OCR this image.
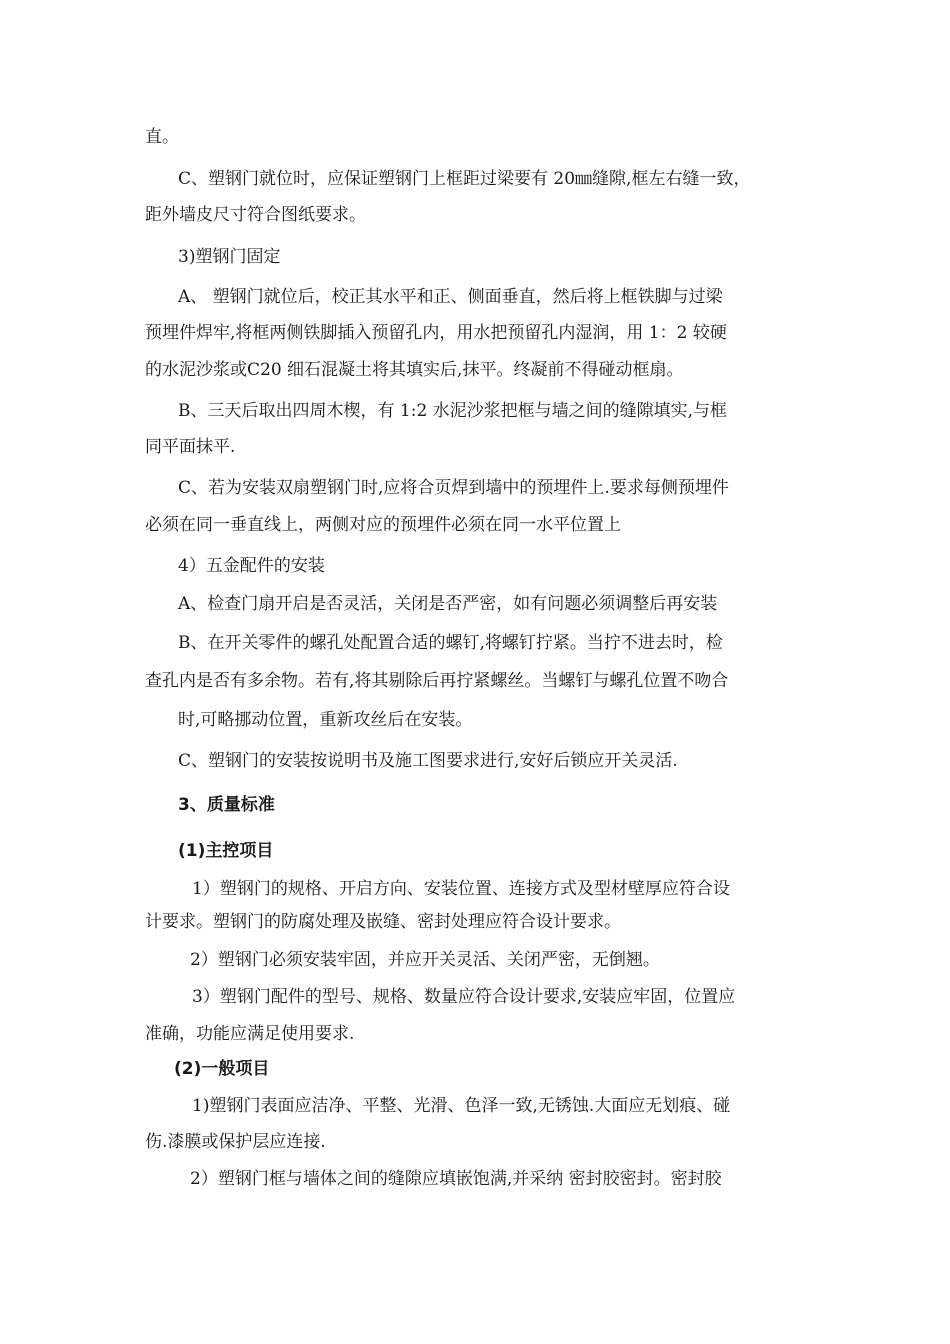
直。
C、塑钢门就位时，应保证塑钢门上框距过梁要有 20㎜缝隙,框左右缝一致，
距外墙皮尺寸符合图纸要求。
3)塑钢门固定
A、 塑钢门就位后，校正其水平和正、侧面垂直，然后将上框铁脚与过梁
预埋件焊牢,将框两侧铁脚插入预留孔内，用水把预留孔内湿润，用 1：2 较硬
的水泥沙浆或C20 细石混凝土将其填实后,抹平。终凝前不得碰动框扇。
B、三天后取出四周木楔，有 1:2 水泥沙浆把框与墙之间的缝隙填实,与框
同平面抹平.
C、若为安装双扇塑钢门时,应将合页焊到墙中的预埋件上.要求每侧预埋件
必须在同一垂直线上，两侧对应的预埋件必须在同一水平位置上
4）五金配件的安装
A、检查门扇开启是否灵活，关闭是否严密，如有问题必须调整后再安装
B、在开关零件的螺孔处配置合适的螺钉,将螺钉拧紧。当拧不进去时，检
查孔内是否有多余物。若有,将其剔除后再拧紧螺丝。当螺钉与螺孔位置不吻合
时,可略挪动位置，重新攻丝后在安装。
C、塑钢门的安装按说明书及施工图要求进行,安好后锁应开关灵活.
3、质量标准
(1)主控项目
1）塑钢门的规格、开启方向、安装位置、连接方式及型材壁厚应符合设
计要求。塑钢门的防腐处理及嵌缝、密封处理应符合设计要求。
2）塑钢门必须安装牢固，并应开关灵活、关闭严密，无倒翘。
3）塑钢门配件的型号、规格、数量应符合设计要求,安装应牢固，位置应
准确，功能应满足使用要求.
(2)一般项目
1)塑钢门表面应洁净、平整、光滑、色泽一致,无锈蚀.大面应无划痕、碰
伤.漆膜或保护层应连接.
2）塑钢门框与墙体之间的缝隙应填嵌饱满,并采纳 密封胶密封。密封胶
